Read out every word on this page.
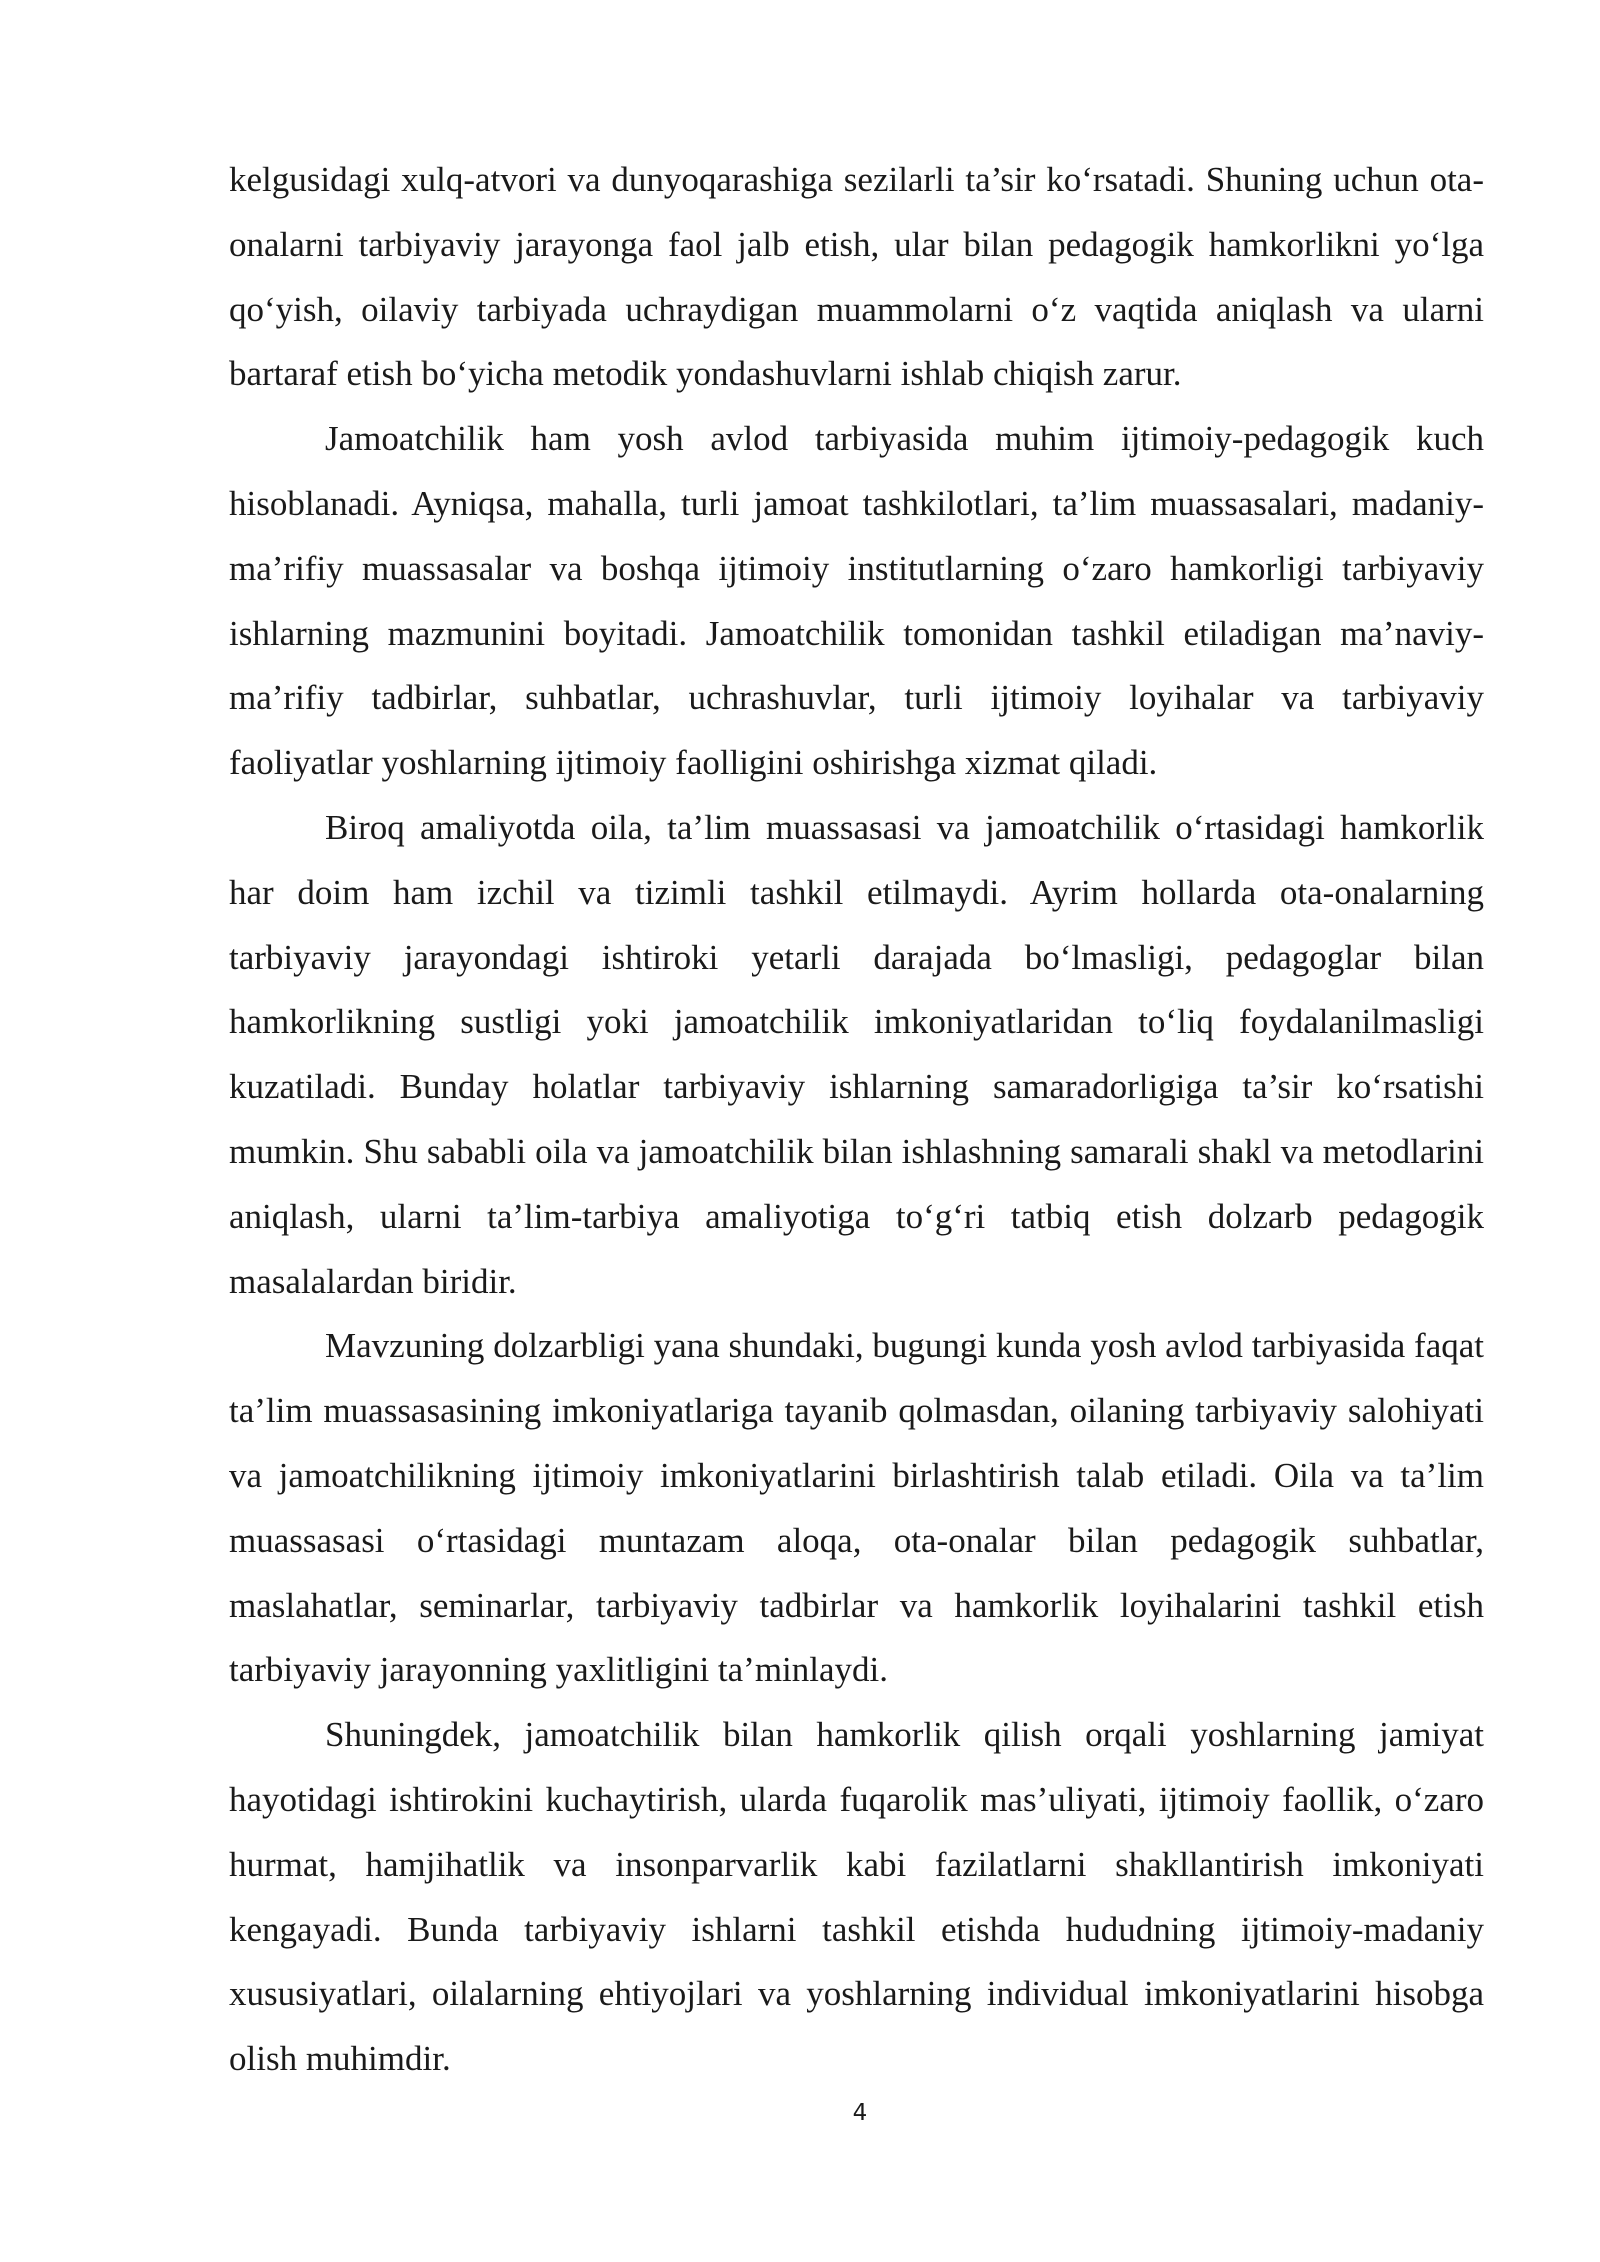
kelgusidagi xulq-atvori va dunyoqarashiga sezilarli ta’sir ko‘rsatadi. Shuning uchun ota-onalarni tarbiyaviy jarayonga faol jalb etish, ular bilan pedagogik hamkorlikni yo‘lga qo‘yish, oilaviy tarbiyada uchraydigan muammolarni o‘z vaqtida aniqlash va ularni bartaraf etish bo‘yicha metodik yondashuvlarni ishlab chiqish zarur.

Jamoatchilik ham yosh avlod tarbiyasida muhim ijtimoiy-pedagogik kuch hisoblanadi. Ayniqsa, mahalla, turli jamoat tashkilotlari, ta’lim muassasalari, madaniy-ma’rifiy muassasalar va boshqa ijtimoiy institutlarning o‘zaro hamkorligi tarbiyaviy ishlarning mazmunini boyitadi. Jamoatchilik tomonidan tashkil etiladigan ma’naviy-ma’rifiy tadbirlar, suhbatlar, uchrashuvlar, turli ijtimoiy loyihalar va tarbiyaviy faoliyatlar yoshlarning ijtimoiy faolligini oshirishga xizmat qiladi.

Biroq amaliyotda oila, ta’lim muassasasi va jamoatchilik o‘rtasidagi hamkorlik har doim ham izchil va tizimli tashkil etilmaydi. Ayrim hollarda ota-onalarning tarbiyaviy jarayondagi ishtiroki yetarli darajada bo‘lmasligi, pedagoglar bilan hamkorlikning sustligi yoki jamoatchilik imkoniyatlaridan to‘liq foydalanilmasligi kuzatiladi. Bunday holatlar tarbiyaviy ishlarning samaradorligiga ta’sir ko‘rsatishi mumkin. Shu sababli oila va jamoatchilik bilan ishlashning samarali shakl va metodlarini aniqlash, ularni ta’lim-tarbiya amaliyotiga to‘g‘ri tatbiq etish dolzarb pedagogik masalalardan biridir.

Mavzuning dolzarbligi yana shundaki, bugungi kunda yosh avlod tarbiyasida faqat ta’lim muassasasining imkoniyatlariga tayanib qolmasdan, oilaning tarbiyaviy salohiyati va jamoatchilikning ijtimoiy imkoniyatlarini birlashtirish talab etiladi. Oila va ta’lim muassasasi o‘rtasidagi muntazam aloqa, ota-onalar bilan pedagogik suhbatlar, maslahatlar, seminarlar, tarbiyaviy tadbirlar va hamkorlik loyihalarini tashkil etish tarbiyaviy jarayonning yaxlitligini ta’minlaydi.

Shuningdek, jamoatchilik bilan hamkorlik qilish orqali yoshlarning jamiyat hayotidagi ishtirokini kuchaytirish, ularda fuqarolik mas’uliyati, ijtimoiy faollik, o‘zaro hurmat, hamjihatlik va insonparvarlik kabi fazilatlarni shakllantirish imkoniyati kengayadi. Bunda tarbiyaviy ishlarni tashkil etishda hududning ijtimoiy-madaniy xususiyatlari, oilalarning ehtiyojlari va yoshlarning individual imkoniyatlarini hisobga olish muhimdir.

4
